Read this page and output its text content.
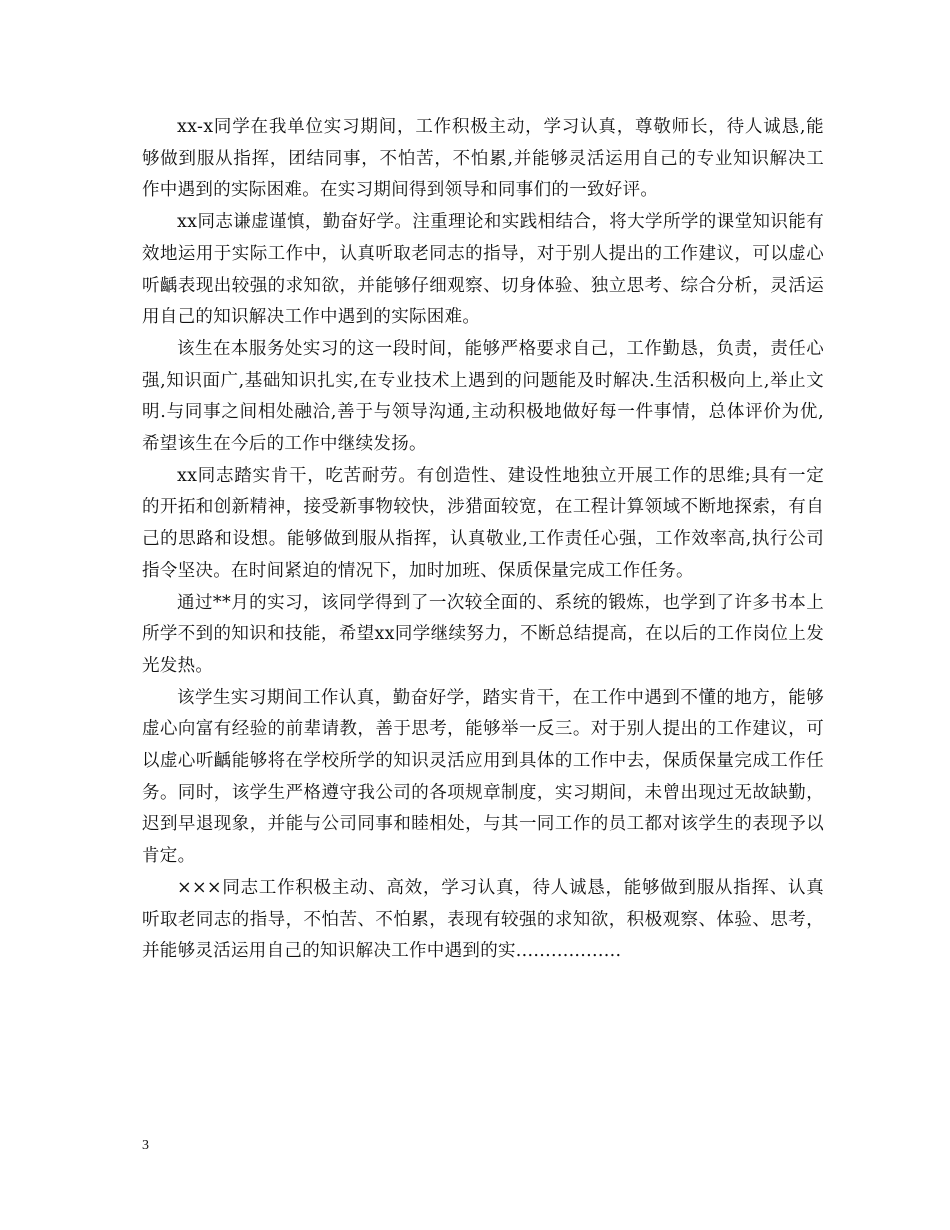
xx-x同学在我单位实习期间，工作积极主动，学习认真，尊敬师长，待人诚恳,能够做到服从指挥，团结同事，不怕苦，不怕累,并能够灵活运用自己的专业知识解决工作中遇到的实际困难。在实习期间得到领导和同事们的一致好评。

xx同志谦虚谨慎，勤奋好学。注重理论和实践相结合，将大学所学的课堂知识能有效地运用于实际工作中，认真听取老同志的指导，对于别人提出的工作建议，可以虚心听齲表现出较强的求知欲，并能够仔细观察、切身体验、独立思考、综合分析，灵活运用自己的知识解决工作中遇到的实际困难。

该生在本服务处实习的这一段时间，能够严格要求自己，工作勤恳，负责，责任心强,知识面广,基础知识扎实,在专业技术上遇到的问题能及时解决.生活积极向上,举止文明.与同事之间相处融洽,善于与领导沟通,主动积极地做好每一件事情，总体评价为优,希望该生在今后的工作中继续发扬。

xx同志踏实肯干，吃苦耐劳。有创造性、建设性地独立开展工作的思维;具有一定的开拓和创新精神，接受新事物较快，涉猎面较宽，在工程计算领域不断地探索，有自己的思路和设想。能够做到服从指挥，认真敬业,工作责任心强，工作效率高,执行公司指令坚决。在时间紧迫的情况下，加时加班、保质保量完成工作任务。

通过**月的实习，该同学得到了一次较全面的、系统的锻炼，也学到了许多书本上所学不到的知识和技能，希望xx同学继续努力，不断总结提高，在以后的工作岗位上发光发热。

该学生实习期间工作认真，勤奋好学，踏实肯干，在工作中遇到不懂的地方，能够虚心向富有经验的前辈请教，善于思考，能够举一反三。对于别人提出的工作建议，可以虚心听齲能够将在学校所学的知识灵活应用到具体的工作中去，保质保量完成工作任务。同时，该学生严格遵守我公司的各项规章制度，实习期间，未曾出现过无故缺勤，迟到早退现象，并能与公司同事和睦相处，与其一同工作的员工都对该学生的表现予以肯定。

×××同志工作积极主动、高效，学习认真，待人诚恳，能够做到服从指挥、认真听取老同志的指导，不怕苦、不怕累，表现有较强的求知欲，积极观察、体验、思考，并能够灵活运用自己的知识解决工作中遇到的实..................

3
